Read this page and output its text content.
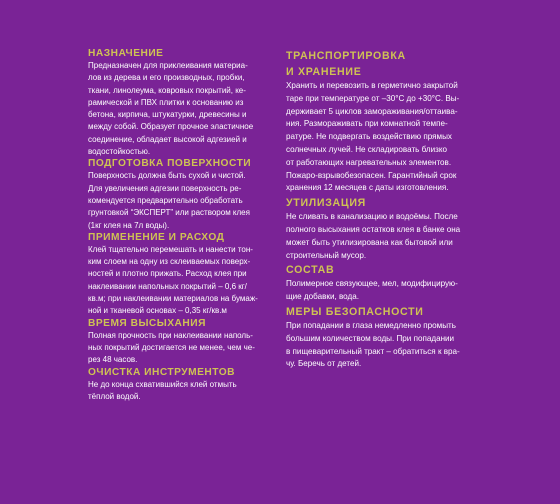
НАЗНАЧЕНИЕ

Предназначен для приклеивания материа-
лов из дерева и его производных, пробки,
ткани, линолеума, ковровых покрытий, ке-
рамической и ПВХ плитки к основанию из
бетона, кирпича, штукатурки, древесины и
между собой. Образует прочное эластичное
соединение, обладает высокой адгезией и
водостойкостью.

ПОДГОТОВКА ПОВЕРХНОСТИ

Поверхность должна быть сухой и чистой.
Для увеличения адгезии поверхность ре-
комендуется предварительно обработать
грунтовкой “ЭКСПЕРТ” или раствором клея
(1кг клея на 7л воды).

ПРИМЕНЕНИЕ И РАСХОД

Клей тщательно перемешать и нанести тон-
ким слоем на одну из склеиваемых поверх-
ностей и плотно прижать. Расход клея при
наклеивании напольных покрытий – 0,6 кг/
кв.м; при наклеивании материалов на бумаж-
ной и тканевой основах – 0,35 кг/кв.м

ВРЕМЯ ВЫСЫХАНИЯ

Полная прочность при наклеивании наполь-
ных покрытий достигается не менее, чем че-
рез 48 часов.

ОЧИСТКА ИНСТРУМЕНТОВ

Не до конца схватившийся клей отмыть тёплой водой.

ТРАНСПОРТИРОВКА
И ХРАНЕНИЕ

Хранить и перевозить в герметично закрытой
таре при температуре от –30°С до +30°С. Вы-
держивает 5 циклов замораживания/оттаива-
ния. Размораживать при комнатной темпе-
ратуре. Не подвергать воздействию прямых
солнечных лучей. Не складировать близко
от работающих нагревательных элементов.
Пожаро-взрывобезопасен. Гарантийный срок
хранения 12 месяцев с даты изготовления.

УТИЛИЗАЦИЯ

Не сливать в канализацию и водоёмы. После
полного высыхания остатков клея в банке она
может быть утилизирована как бытовой или
строительный мусор.

СОСТАВ

Полимерное связующее, мел, модифицирую-
щие добавки, вода.

МЕРЫ БЕЗОПАСНОСТИ

При попадании в глаза немедленно промыть
большим количеством воды. При попадании
в пищеварительный тракт – обратиться к вра-
чу. Беречь от детей.
